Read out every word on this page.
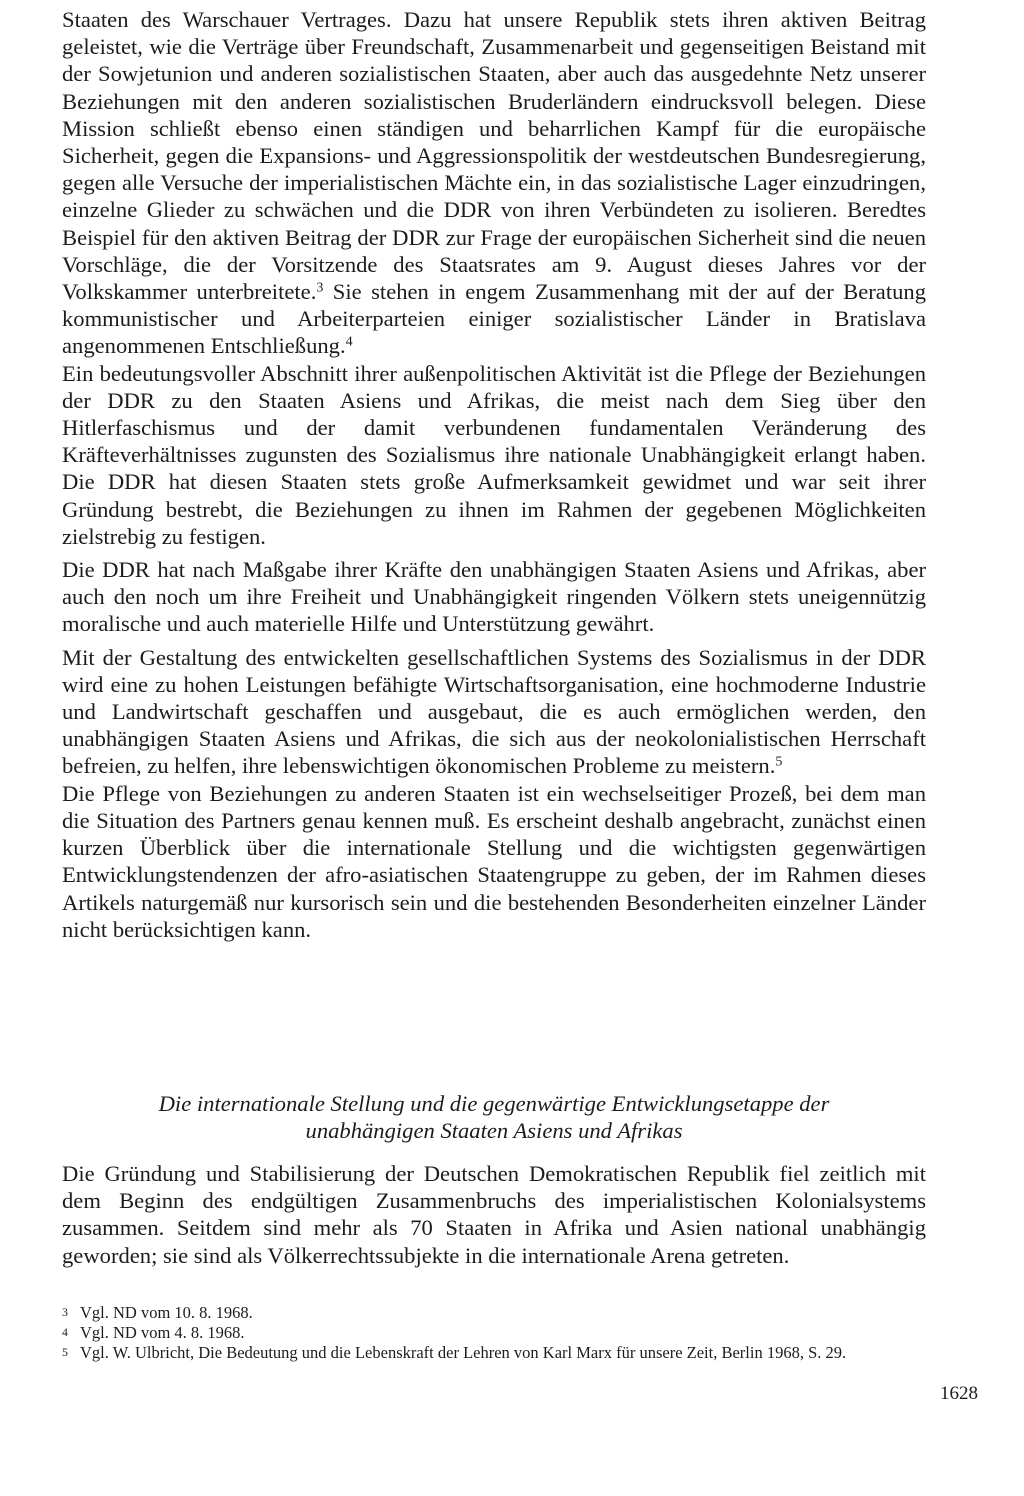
Staaten des Warschauer Vertrages. Dazu hat unsere Republik stets ihren aktiven Beitrag geleistet, wie die Verträge über Freundschaft, Zusammenarbeit und gegenseitigen Beistand mit der Sowjetunion und anderen sozialistischen Staaten, aber auch das ausgedehnte Netz unserer Beziehungen mit den anderen sozialistischen Bruderländern eindrucksvoll belegen. Diese Mission schließt ebenso einen ständigen und beharrlichen Kampf für die europäische Sicherheit, gegen die Expansions- und Aggressionspolitik der westdeutschen Bundesregierung, gegen alle Versuche der imperialistischen Mächte ein, in das sozialistische Lager einzudringen, einzelne Glieder zu schwächen und die DDR von ihren Verbündeten zu isolieren. Beredtes Beispiel für den aktiven Beitrag der DDR zur Frage der europäischen Sicherheit sind die neuen Vorschläge, die der Vorsitzende des Staatsrates am 9. August dieses Jahres vor der Volkskammer unterbreitete.$^3$ Sie stehen in engem Zusammenhang mit der auf der Beratung kommunistischer und Arbeiterparteien einiger sozialistischer Länder in Bratislava angenommenen Entschließung.$^4$

Ein bedeutungsvoller Abschnitt ihrer außenpolitischen Aktivität ist die Pflege der Beziehungen der DDR zu den Staaten Asiens und Afrikas, die meist nach dem Sieg über den Hitlerfaschismus und der damit verbundenen fundamentalen Veränderung des Kräfteverhältnisses zugunsten des Sozialismus ihre nationale Unabhängigkeit erlangt haben. Die DDR hat diesen Staaten stets große Aufmerksamkeit gewidmet und war seit ihrer Gründung bestrebt, die Beziehungen zu ihnen im Rahmen der gegebenen Möglichkeiten zielstrebig zu festigen.

Die DDR hat nach Maßgabe ihrer Kräfte den unabhängigen Staaten Asiens und Afrikas, aber auch den noch um ihre Freiheit und Unabhängigkeit ringenden Völkern stets uneigennützig moralische und auch materielle Hilfe und Unterstützung gewährt.

Mit der Gestaltung des entwickelten gesellschaftlichen Systems des Sozialismus in der DDR wird eine zu hohen Leistungen befähigte Wirtschaftsorganisation, eine hochmoderne Industrie und Landwirtschaft geschaffen und ausgebaut, die es auch ermöglichen werden, den unabhängigen Staaten Asiens und Afrikas, die sich aus der neokolonialistischen Herrschaft befreien, zu helfen, ihre lebenswichtigen ökonomischen Probleme zu meistern.$^5$

Die Pflege von Beziehungen zu anderen Staaten ist ein wechselseitiger Prozeß, bei dem man die Situation des Partners genau kennen muß. Es erscheint deshalb angebracht, zunächst einen kurzen Überblick über die internationale Stellung und die wichtigsten gegenwärtigen Entwicklungstendenzen der afro-asiatischen Staatengruppe zu geben, der im Rahmen dieses Artikels naturgemäß nur kursorisch sein und die bestehenden Besonderheiten einzelner Länder nicht berücksichtigen kann.

Die internationale Stellung und die gegenwärtige Entwicklungsetappe der

unabhängigen Staaten Asiens und Afrikas

Die Gründung und Stabilisierung der Deutschen Demokratischen Republik fiel zeitlich mit dem Beginn des endgültigen Zusammenbruchs des imperialistischen Kolonialsystems zusammen. Seitdem sind mehr als 70 Staaten in Afrika und Asien national unabhängig geworden; sie sind als Völkerrechtssubjekte in die internationale Arena getreten.

3 Vgl. ND vom 10. 8. 1968.
4 Vgl. ND vom 4. 8. 1968.
5 Vgl. W. Ulbricht, Die Bedeutung und die Lebenskraft der Lehren von Karl Marx für unsere Zeit, Berlin 1968, S. 29.
1628
